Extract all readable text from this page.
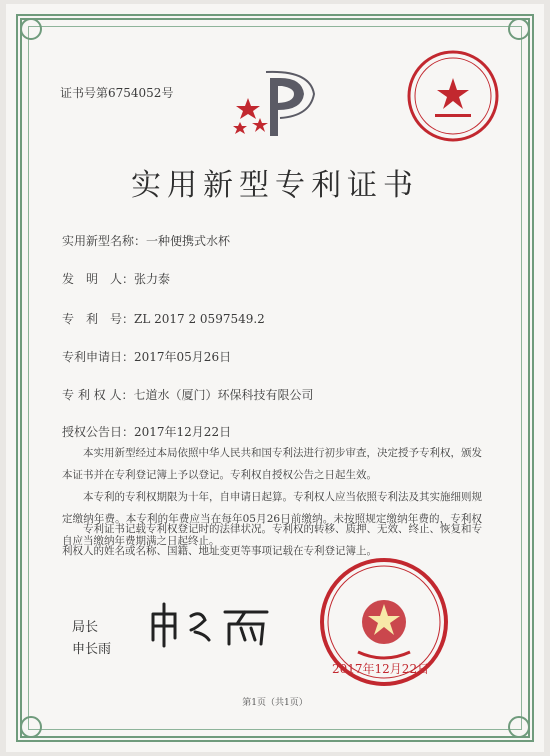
证书号第6754052号
实用新型专利证书
实用新型名称：一种便携式水杯
发　明　人：张力泰
专　利　号：ZL 2017 2 0597549.2
专利申请日：2017年05月26日
专 利 权 人：七道水（厦门）环保科技有限公司
授权公告日：2017年12月22日
本实用新型经过本局依照中华人民共和国专利法进行初步审查，决定授予专利权，颁发本证书并在专利登记簿上予以登记。专利权自授权公告之日起生效。
本专利的专利权期限为十年，自申请日起算。专利权人应当依照专利法及其实施细则规定缴纳年费。本专利的年费应当在每年05月26日前缴纳。未按照规定缴纳年费的，专利权自应当缴纳年费期满之日起终止。
专利证书记载专利权登记时的法律状况。专利权的转移、质押、无效、终止、恢复和专利权人的姓名或名称、国籍、地址变更等事项记载在专利登记簿上。
局长
申长雨
2017年12月22日
第1页（共1页）
